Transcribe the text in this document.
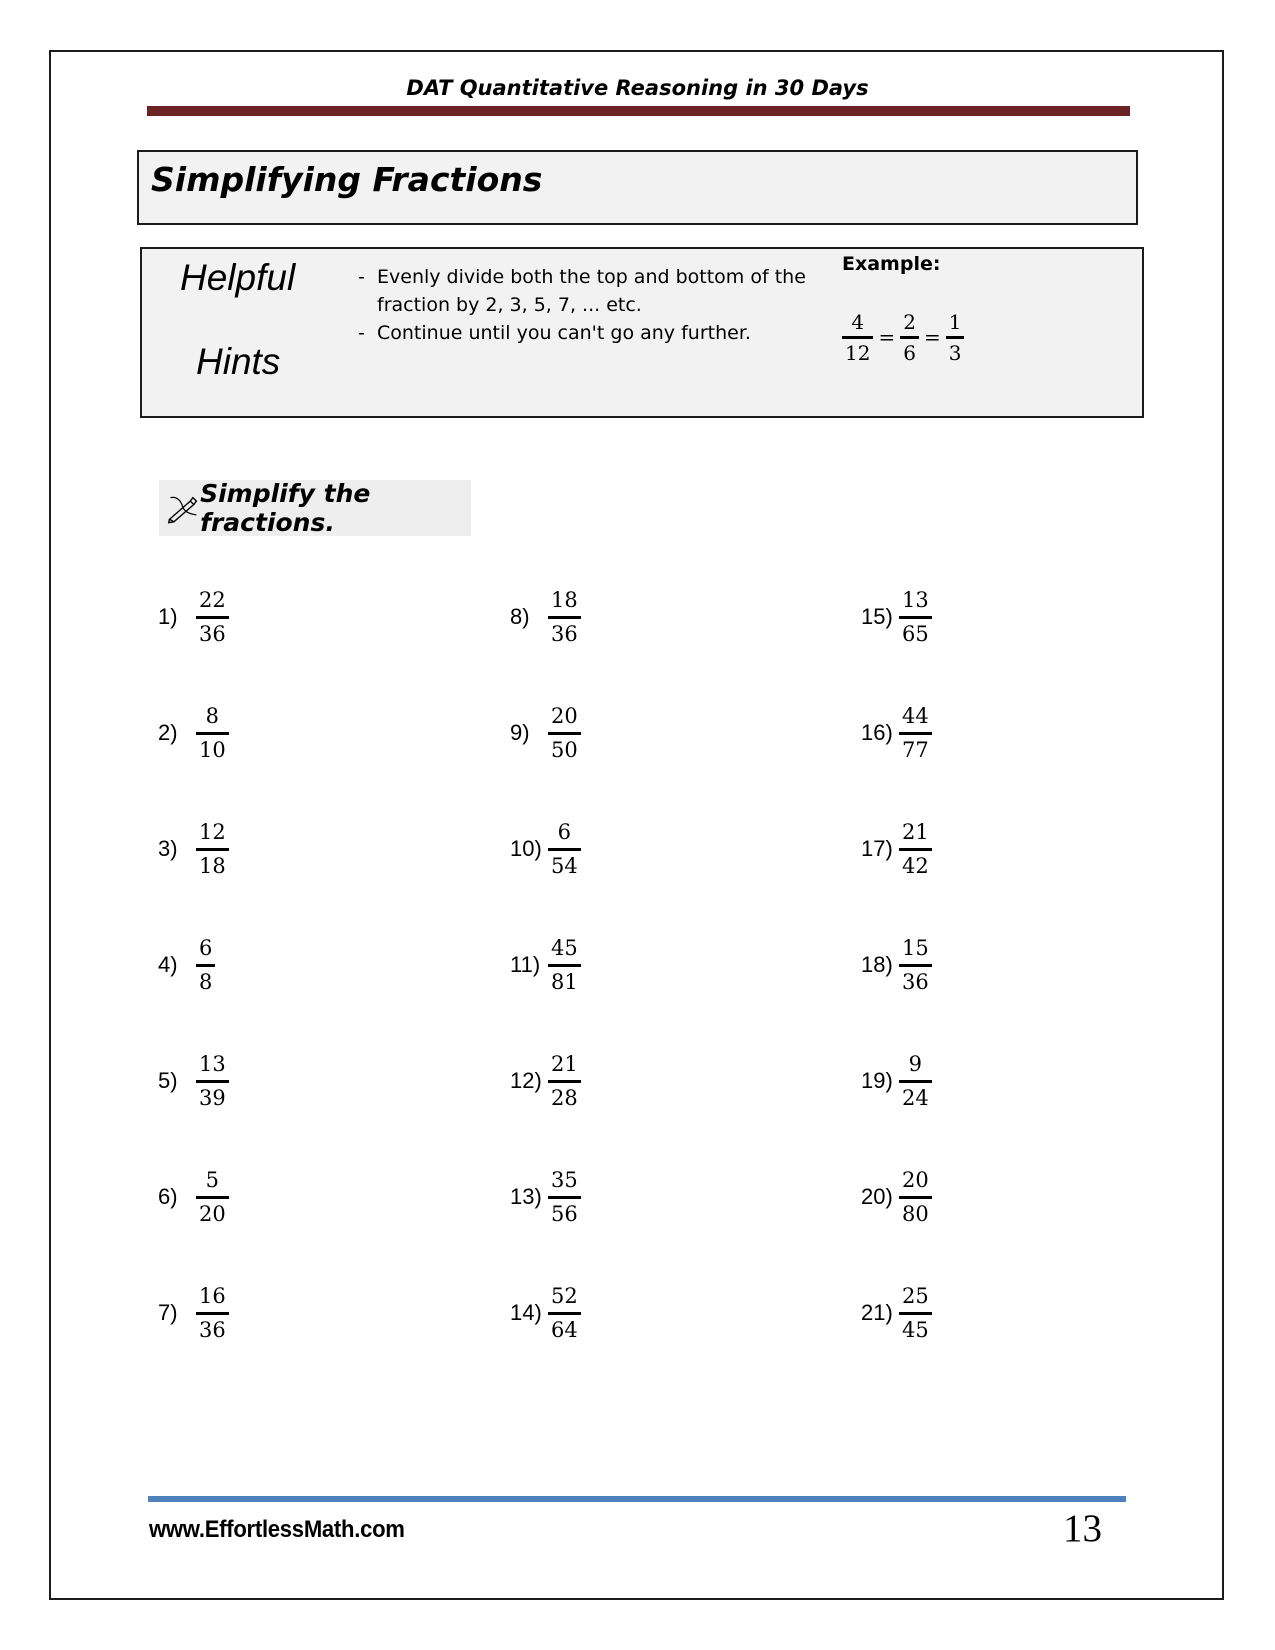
DAT Quantitative Reasoning in 30 Days
Simplifying Fractions
Helpful
Hints
- Evenly divide both the top and bottom of the fraction by 2, 3, 5, 7, ... etc.
- Continue until you can't go any further.
Example:
$\frac{4}{12} = \frac{2}{6} = \frac{1}{3}$
Simplify the fractions.
$1) \frac{22}{36}$
$2) \frac{8}{10}$
$3) \frac{12}{18}$
$4) \frac{6}{8}$
$5) \frac{13}{39}$
$6) \frac{5}{20}$
$7) \frac{16}{36}$
$8) \frac{18}{36}$
$9) \frac{20}{50}$
$10) \frac{6}{54}$
$11) \frac{45}{81}$
$12) \frac{21}{28}$
$13) \frac{35}{56}$
$14) \frac{52}{64}$
$15) \frac{13}{65}$
$16) \frac{44}{77}$
$17) \frac{21}{42}$
$18) \frac{15}{36}$
$19) \frac{9}{24}$
$20) \frac{20}{80}$
$21) \frac{25}{45}$
www.EffortlessMath.com	13
